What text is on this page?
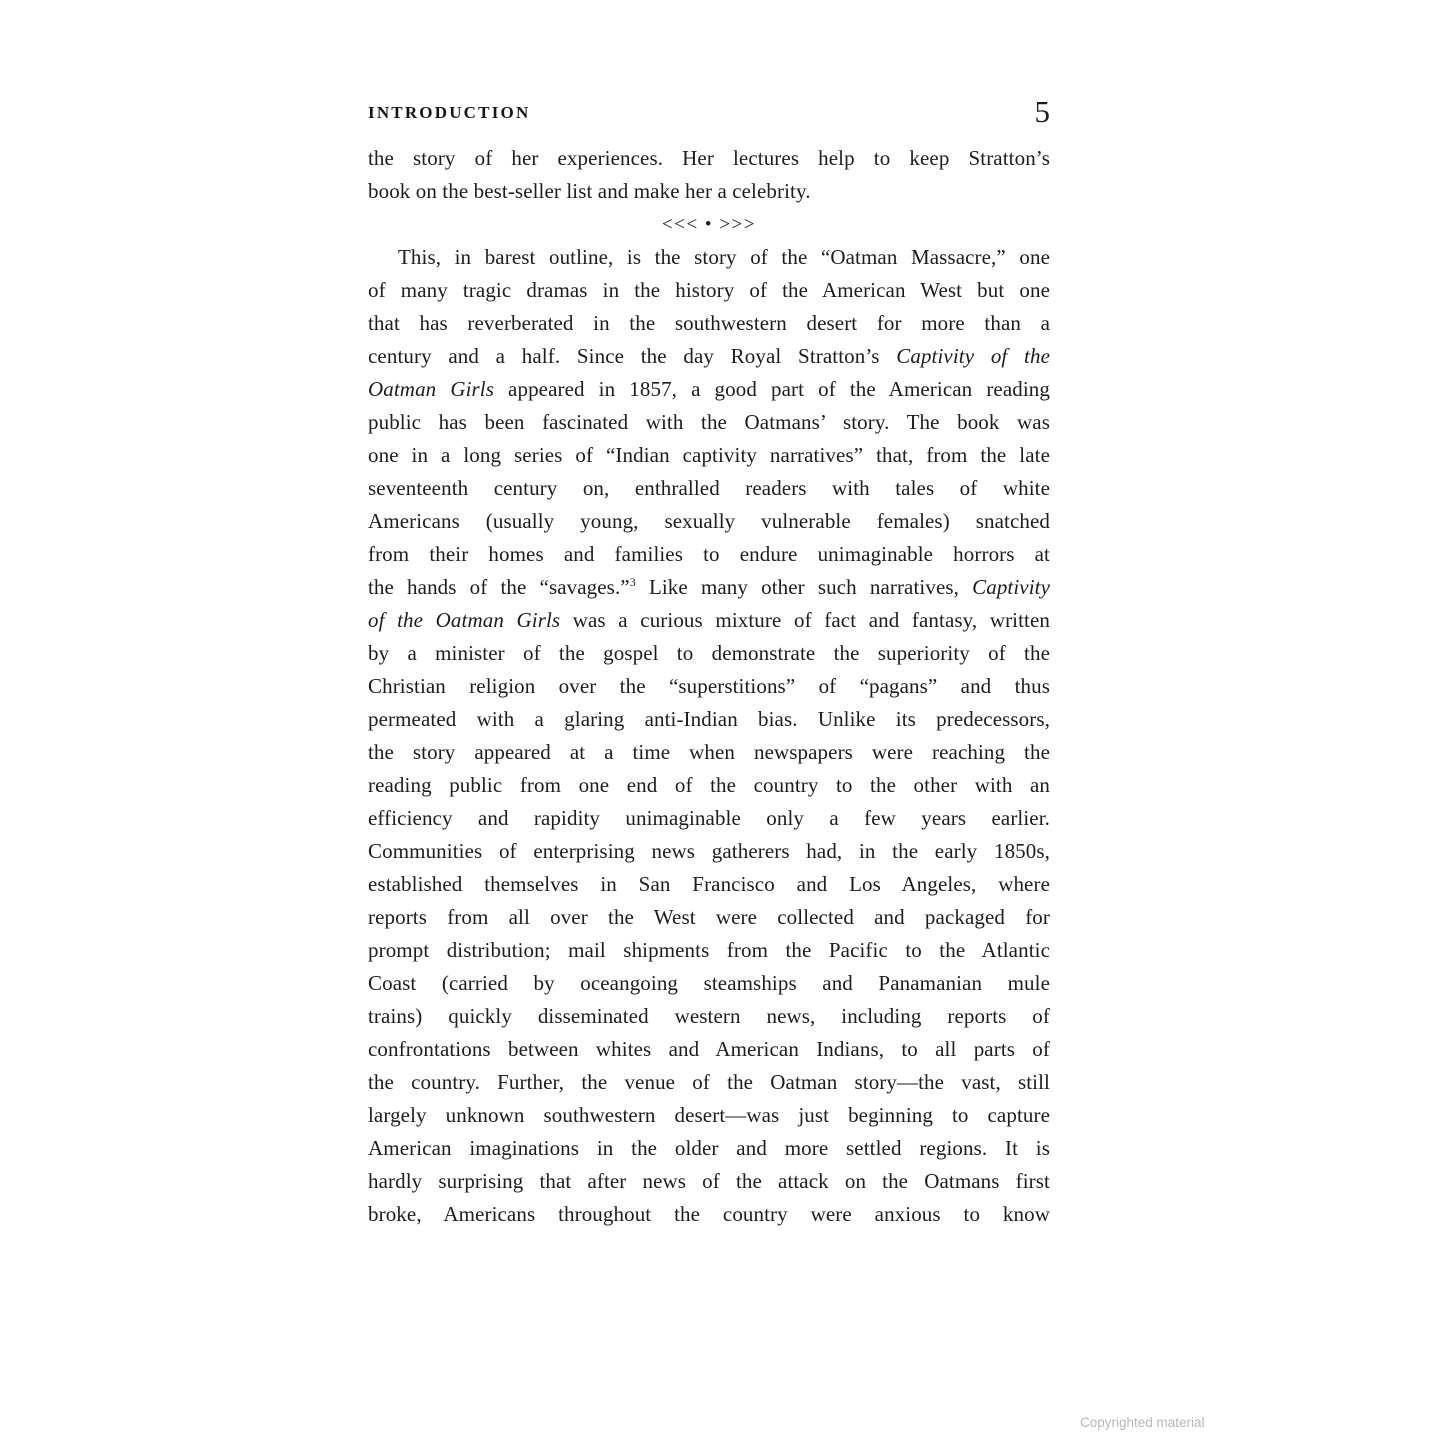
INTRODUCTION	5
the story of her experiences. Her lectures help to keep Stratton’s
book on the best-seller list and make her a celebrity.
<<< • >>>
This, in barest outline, is the story of the “Oatman Massacre,” one
of many tragic dramas in the history of the American West but one
that has reverberated in the southwestern desert for more than a
century and a half. Since the day Royal Stratton’s Captivity of the
Oatman Girls appeared in 1857, a good part of the American reading
public has been fascinated with the Oatmans’ story. The book was
one in a long series of “Indian captivity narratives” that, from the late
seventeenth century on, enthralled readers with tales of white
Americans (usually young, sexually vulnerable females) snatched
from their homes and families to endure unimaginable horrors at
the hands of the “savages.”$^3$ Like many other such narratives, Captivity
of the Oatman Girls was a curious mixture of fact and fantasy, written
by a minister of the gospel to demonstrate the superiority of the
Christian religion over the “superstitions” of “pagans” and thus
permeated with a glaring anti-Indian bias. Unlike its predecessors,
the story appeared at a time when newspapers were reaching the
reading public from one end of the country to the other with an
efficiency and rapidity unimaginable only a few years earlier.
Communities of enterprising news gatherers had, in the early 1850s,
established themselves in San Francisco and Los Angeles, where
reports from all over the West were collected and packaged for
prompt distribution; mail shipments from the Pacific to the Atlantic
Coast (carried by oceangoing steamships and Panamanian mule
trains) quickly disseminated western news, including reports of
confrontations between whites and American Indians, to all parts of
the country. Further, the venue of the Oatman story—the vast, still
largely unknown southwestern desert—was just beginning to capture
American imaginations in the older and more settled regions. It is
hardly surprising that after news of the attack on the Oatmans first
broke, Americans throughout the country were anxious to know
Copyrighted material
